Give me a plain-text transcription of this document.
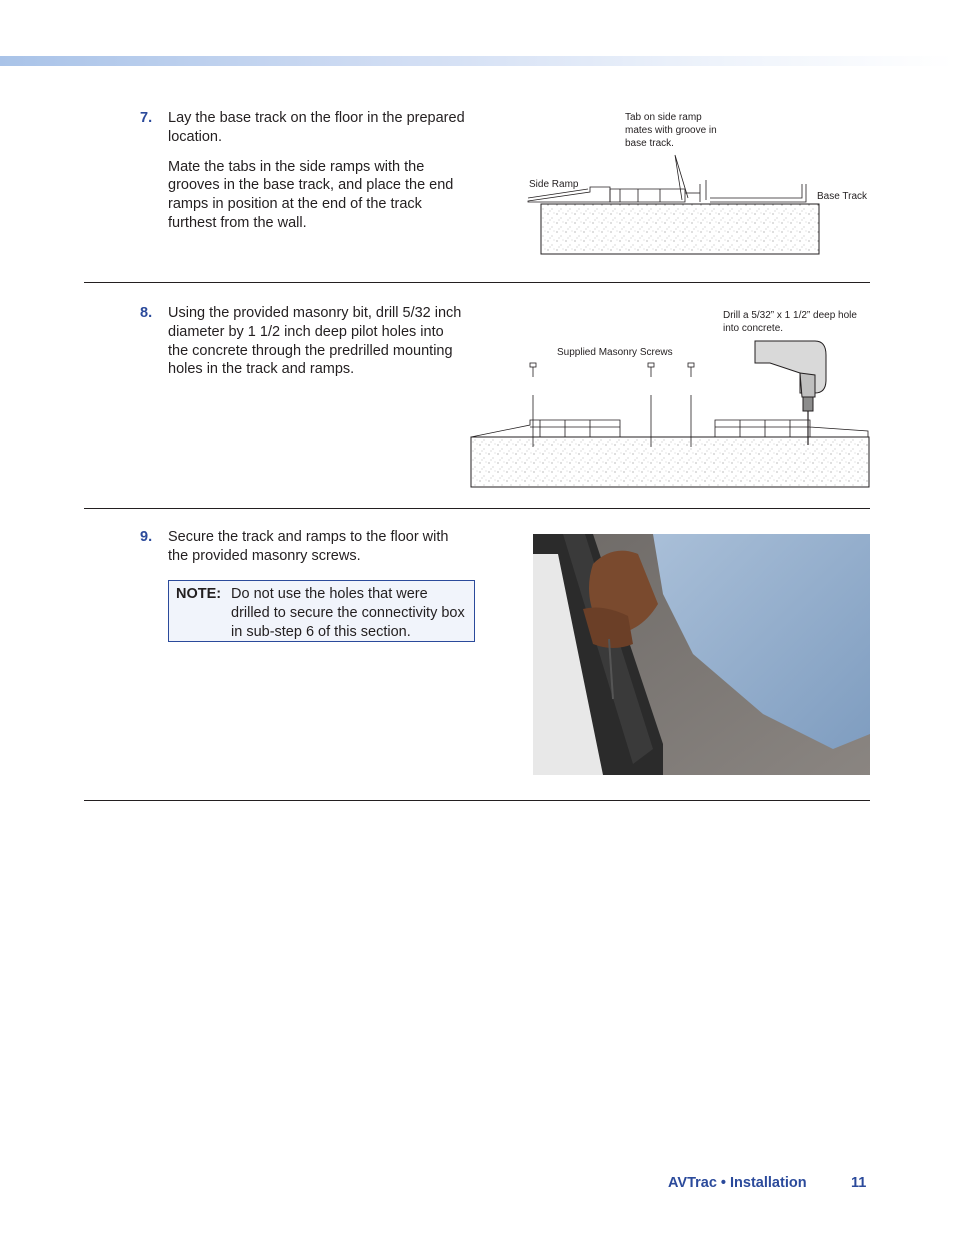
7. Lay the base track on the floor in the prepared location.

Mate the tabs in the side ramps with the grooves in the base track, and place the end ramps in position at the end of the track furthest from the wall.

Tab on side ramp mates with groove in base track.
Side Ramp
Base Track
8. Using the provided masonry bit, drill 5/32 inch diameter by 1 1/2 inch deep pilot holes into the concrete through the predrilled mounting holes in the track and ramps.

Drill a 5/32” x 1 1/2” deep hole into concrete.
Supplied Masonry Screws
9. Secure the track and ramps to the floor with the provided masonry screws.

NOTE: Do not use the holes that were drilled to secure the connectivity box in sub-step 6 of this section.
AVTrac • Installation	11
